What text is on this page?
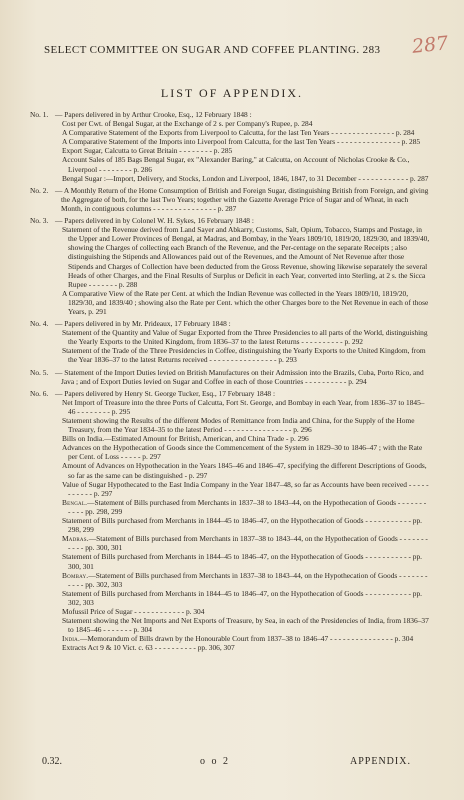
SELECT COMMITTEE ON SUGAR AND COFFEE PLANTING. 283 287
LIST OF APPENDIX.
No. 1. — Papers delivered in by Arthur Crooke, Esq., 12 February 1848 :
Cost per Cwt. of Bengal Sugar, at the Exchange of 2 s. per Company's Rupee, p. 284
A Comparative Statement of the Exports from Liverpool to Calcutta, for the last Ten Years - - - - - - - - - - - - - - - p. 284
A Comparative Statement of the Imports into Liverpool from Calcutta, for the last Ten Years - - - - - - - - - - - - - - - p. 285
Export Sugar, Calcutta to Great Britain - - - - - - - - p. 285
Account Sales of 185 Bags Bengal Sugar, ex "Alexander Baring," at Calcutta, on Account of Nicholas Crooke & Co., Liverpool - - - - - - - - p. 286
Bengal Sugar :—Import, Delivery, and Stocks, London and Liverpool, 1846, 1847, to 31 December - - - - - - - - - - - - p. 287
No. 2. — A Monthly Return of the Home Consumption of British and Foreign Sugar, distinguishing British from Foreign, and giving the Aggregate of both, for the last Two Years; together with the Gazette Average Price of Sugar and of Wheat, in each Month, in contiguous columns - - - - - - - - - - - - - - - p. 287
No. 3. — Papers delivered in by Colonel W. H. Sykes, 16 February 1848 :
Statement of the Revenue derived from Land Sayer and Abkarry, Customs, Salt, Opium, Tobacco, Stamps and Postage, in the Upper and Lower Provinces of Bengal, at Madras, and Bombay, in the Years 1809/10, 1819/20, 1829/30, and 1839/40, showing the Charges of collecting each Branch of the Revenue, and the Per-centage on the separate Receipts ; also distinguishing the Stipends and Allowances paid out of the Revenues, and the Amount of Net Revenue after those Stipends and Charges of Collection have been deducted from the Gross Revenue, showing likewise separately the several Heads of other Charges, and the Final Results of Surplus or Deficit in each Year, converted into Sterling, at 2 s. the Sicca Rupee - - - - - - - p. 288
A Comparative View of the Rate per Cent. at which the Indian Revenue was collected in the Years 1809/10, 1819/20, 1829/30, and 1839/40 ; showing also the Rate per Cent. which the other Charges bore to the Net Revenue in each of those Years, p. 291
No. 4. — Papers delivered in by Mr. Prideaux, 17 February 1848 :
Statement of the Quantity and Value of Sugar Exported from the Three Presidencies to all parts of the World, distinguishing the Yearly Exports to the United Kingdom, from 1836–37 to the latest Returns - - - - - - - - - - p. 292
Statement of the Trade of the Three Presidencies in Coffee, distinguishing the Yearly Exports to the United Kingdom, from the Year 1836–37 to the latest Returns received - - - - - - - - - - - - - - - - p. 293
No. 5. — Statement of the Import Duties levied on British Manufactures on their Admission into the Brazils, Cuba, Porto Rico, and Java ; and of Export Duties levied on Sugar and Coffee in each of those Countries - - - - - - - - - - p. 294
No. 6. — Papers delivered by Henry St. George Tucker, Esq., 17 February 1848 :
Net Import of Treasure into the three Ports of Calcutta, Fort St. George, and Bombay in each Year, from 1836–37 to 1845–46 - - - - - - - - p. 295
Statement showing the Results of the different Modes of Remittance from India and China, for the Supply of the Home Treasury, from the Year 1834–35 to the latest Period - - - - - - - - - - - - - - - - p. 296
Bills on India.—Estimated Amount for British, American, and China Trade - p. 296
Advances on the Hypothecation of Goods since the Commencement of the System in 1829–30 to 1846–47 ; with the Rate per Cent. of Loss - - - - - p. 297
Amount of Advances on Hypothecation in the Years 1845–46 and 1846–47, specifying the different Descriptions of Goods, so far as the same can be distinguished - p. 297
Value of Sugar Hypothecated to the East India Company in the Year 1847–48, so far as Accounts have been received - - - - - - - - - - - p. 297
Bengal.—Statement of Bills purchased from Merchants in 1837–38 to 1843–44, on the Hypothecation of Goods - - - - - - - - - - - pp. 298, 299
Statement of Bills purchased from Merchants in 1844–45 to 1846–47, on the Hypothecation of Goods - - - - - - - - - - - pp. 298, 299
Madras.—Statement of Bills purchased from Merchants in 1837–38 to 1843–44, on the Hypothecation of Goods - - - - - - - - - - - pp. 300, 301
Statement of Bills purchased from Merchants in 1844–45 to 1846–47, on the Hypothecation of Goods - - - - - - - - - - - pp. 300, 301
Bombay.—Statement of Bills purchased from Merchants in 1837–38 to 1843–44, on the Hypothecation of Goods - - - - - - - - - - - pp. 302, 303
Statement of Bills purchased from Merchants in 1844–45 to 1846–47, on the Hypothecation of Goods - - - - - - - - - - - pp. 302, 303
Mofussil Price of Sugar - - - - - - - - - - - - p. 304
Statement showing the Net Imports and Net Exports of Treasure, by Sea, in each of the Presidencies of India, from 1836–37 to 1845–46 - - - - - - - p. 304
India.—Memorandum of Bills drawn by the Honourable Court from 1837–38 to 1846–47 - - - - - - - - - - - - - - - p. 304
Extracts Act 9 & 10 Vict. c. 63 - - - - - - - - - - pp. 306, 307
0.32.	o o 2	APPENDIX.
